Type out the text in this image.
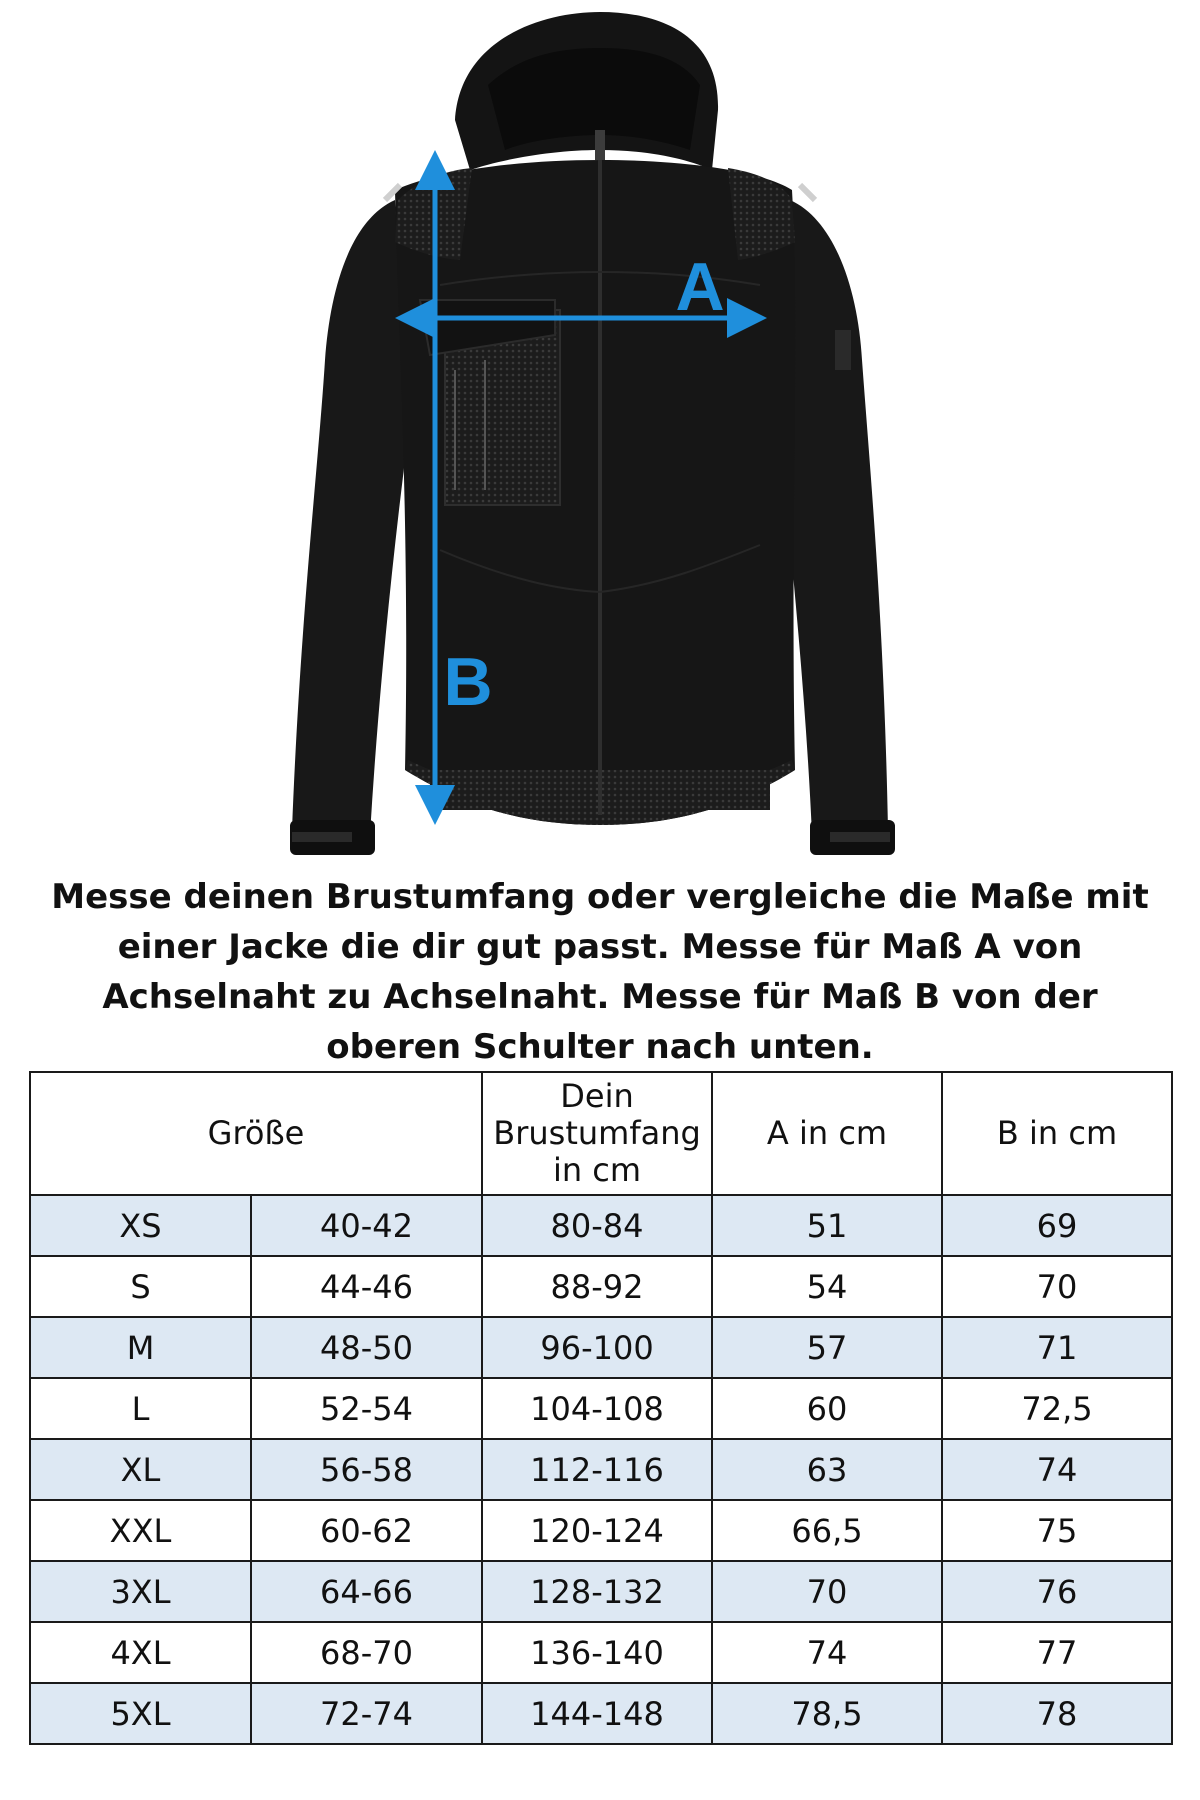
A
B
Messe deinen Brustumfang oder vergleiche die Maße mit einer Jacke die dir gut passt. Messe für Maß A von Achselnaht zu Achselnaht. Messe für Maß B von der oberen Schulter nach unten.
Größe		Dein Brustumfang in cm	A in cm	B in cm
XS	40-42	80-84	51	69
S	44-46	88-92	54	70
M	48-50	96-100	57	71
L	52-54	104-108	60	72,5
XL	56-58	112-116	63	74
XXL	60-62	120-124	66,5	75
3XL	64-66	128-132	70	76
4XL	68-70	136-140	74	77
5XL	72-74	144-148	78,5	78
